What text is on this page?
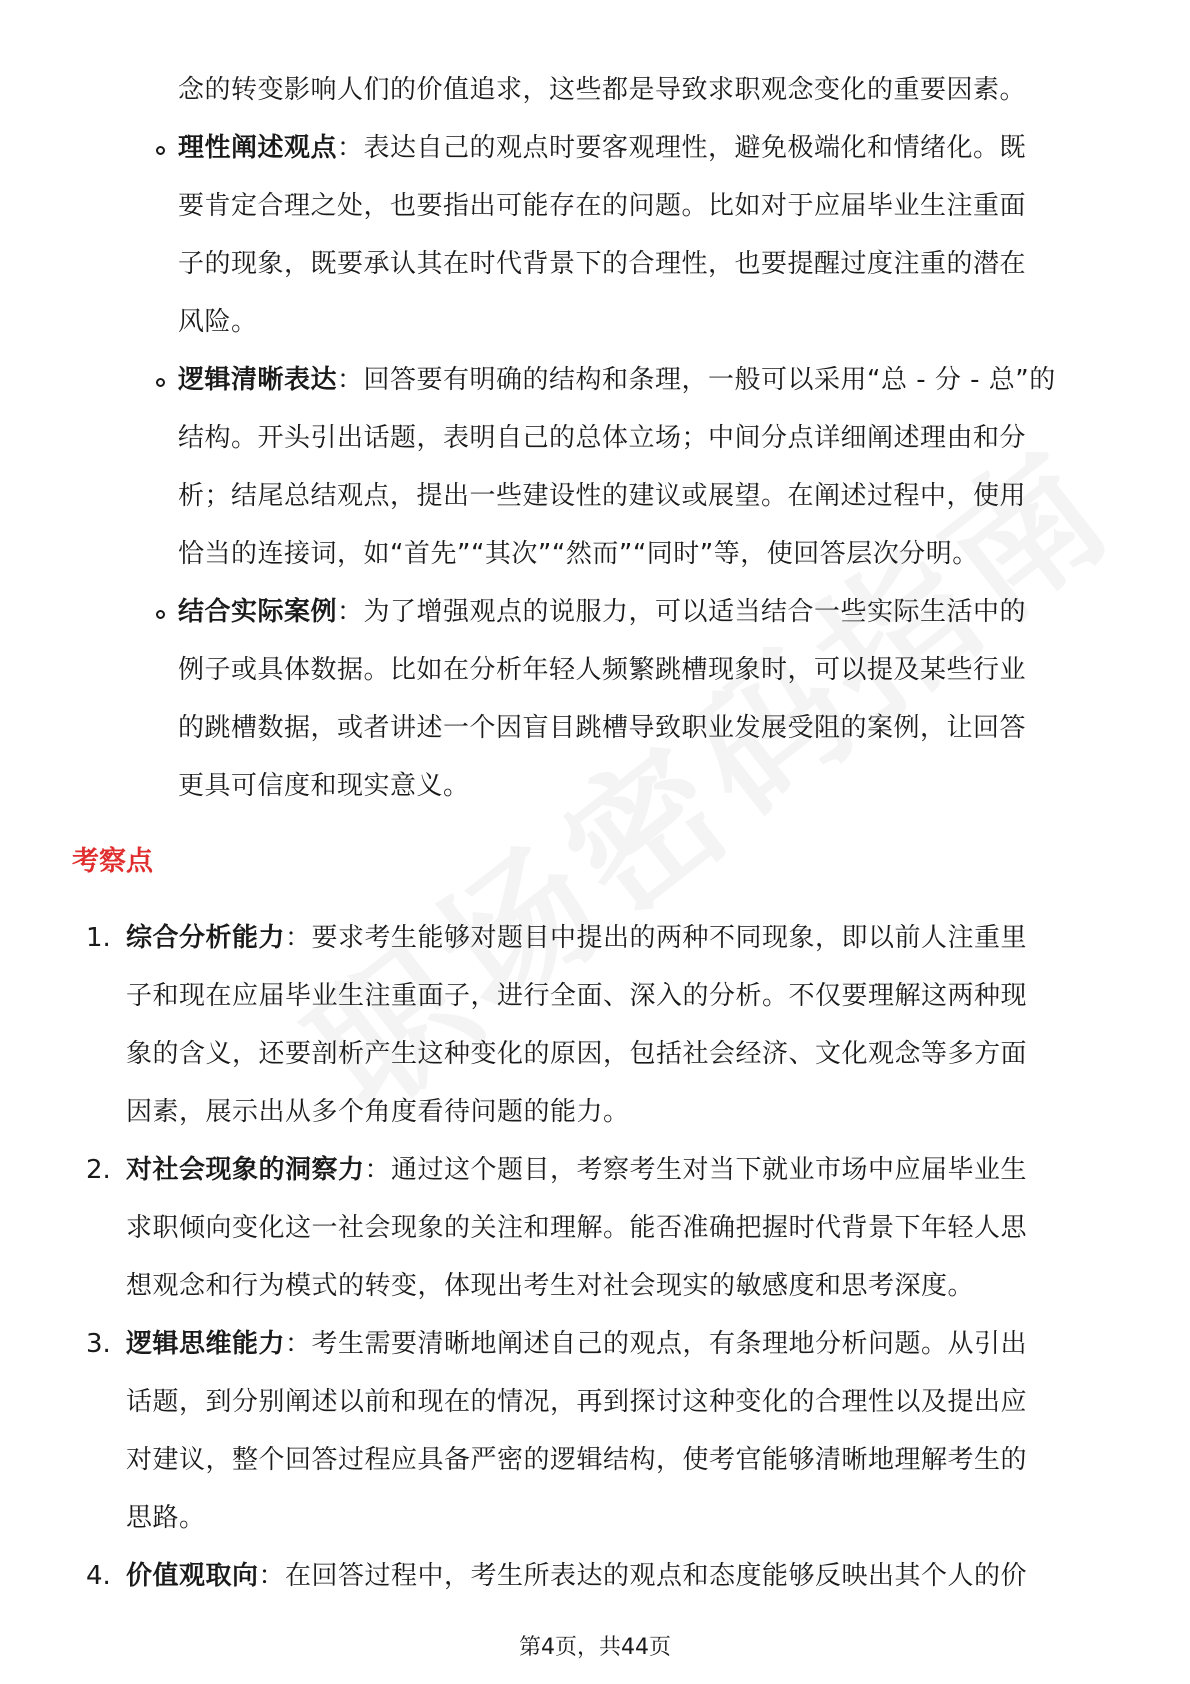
念的转变影响人们的价值追求，这些都是导致求职观念变化的重要因素。
理性阐述观点：表达自己的观点时要客观理性，避免极端化和情绪化。既
要肯定合理之处，也要指出可能存在的问题。比如对于应届毕业生注重面
子的现象，既要承认其在时代背景下的合理性，也要提醒过度注重的潜在
风险。
逻辑清晰表达：回答要有明确的结构和条理，一般可以采用“总 - 分 - 总”的
结构。开头引出话题，表明自己的总体立场；中间分点详细阐述理由和分
析；结尾总结观点，提出一些建设性的建议或展望。在阐述过程中，使用
恰当的连接词，如“首先”“其次”“然而”“同时”等，使回答层次分明。
结合实际案例：为了增强观点的说服力，可以适当结合一些实际生活中的
例子或具体数据。比如在分析年轻人频繁跳槽现象时，可以提及某些行业
的跳槽数据，或者讲述一个因盲目跳槽导致职业发展受阻的案例，让回答
更具可信度和现实意义。
考察点
1. 综合分析能力：要求考生能够对题目中提出的两种不同现象，即以前人注重里
子和现在应届毕业生注重面子，进行全面、深入的分析。不仅要理解这两种现
象的含义，还要剖析产生这种变化的原因，包括社会经济、文化观念等多方面
因素，展示出从多个角度看待问题的能力。
2. 对社会现象的洞察力：通过这个题目，考察考生对当下就业市场中应届毕业生
求职倾向变化这一社会现象的关注和理解。能否准确把握时代背景下年轻人思
想观念和行为模式的转变，体现出考生对社会现实的敏感度和思考深度。
3. 逻辑思维能力：考生需要清晰地阐述自己的观点，有条理地分析问题。从引出
话题，到分别阐述以前和现在的情况，再到探讨这种变化的合理性以及提出应
对建议，整个回答过程应具备严密的逻辑结构，使考官能够清晰地理解考生的
思路。
4. 价值观取向：在回答过程中，考生所表达的观点和态度能够反映出其个人的价
第4页，共44页
